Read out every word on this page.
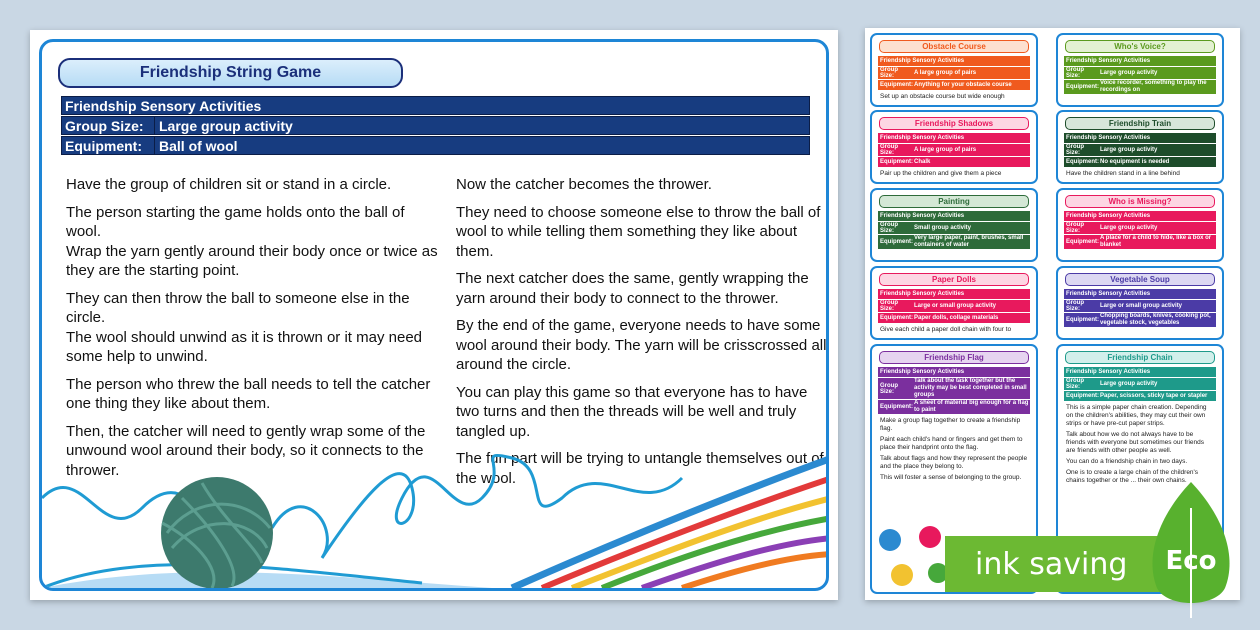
Friendship String Game
Friendship Sensory Activities
Group Size:	Large group activity
Equipment:	Ball of wool

Have the group of children sit or stand in a circle.

The person starting the game holds onto the ball of wool.
Wrap the yarn gently around their body once or twice as they are the starting point.

They can then throw the ball to someone else in the circle.
The wool should unwind as it is thrown or it may need some help to unwind.

The person who threw the ball needs to tell the catcher one thing they like about them.

Then, the catcher will need to gently wrap some of the unwound wool around their body, so it connects to the thrower.

Now the catcher becomes the thrower.

They need to choose someone else to throw the ball of wool to while telling them something they like about them.

The next catcher does the same, gently wrapping the yarn around their body to connect to the thrower.

By the end of the game, everyone needs to have some wool around their body. The yarn will be crisscrossed all around the circle.

You can play this game so that everyone has to have two turns and then the threads will be well and truly tangled up.

The fun part will be trying to untangle themselves out of the wool.

Obstacle Course
Friendship Sensory Activities
Group Size:
A large group of pairs
Equipment: Anything for your obstacle course

Set up an obstacle course but wide enough

Who's Voice?
Friendship Sensory Activities
Group Size:
Large group activity
Equipment:
Voice recorder, something to play the recordings on
Friendship Shadows
Friendship Sensory Activities
Group Size:
A large group of pairs
Equipment: Chalk

Pair up the children and give them a piece

Friendship Train
Friendship Sensory Activities
Group Size:
Large group activity
Equipment: No equipment is needed

Have the children stand in a line behind

Painting
Friendship Sensory Activities
Group Size:
Small group activity
Equipment:
Very large paper, paint, brushes, small containers of water
Who is Missing?
Friendship Sensory Activities
Group Size:
Large group activity
Equipment:
A place for a child to hide, like a box or blanket
Paper Dolls
Friendship Sensory Activities
Group Size:
Large or small group activity
Equipment: Paper dolls, collage materials

Give each child a paper doll chain with four to

Vegetable Soup
Friendship Sensory Activities
Group Size:
Large or small group activity
Equipment:
Chopping boards, knives, cooking pot, vegetable stock, vegetables
Friendship Flag
Friendship Sensory Activities
Group Size:
Talk about the task together but the activity may be best completed in small groups
Equipment:
A sheet of material big enough for a flag to paint

Make a group flag together to create a friendship flag.

Paint each child's hand or fingers and get them to place their handprint onto the flag.

Talk about flags and how they represent the people and the place they belong to.

This will foster a sense of belonging to the group.

Friendship Chain
Friendship Sensory Activities
Group Size:
Large group activity
Equipment: Paper, scissors, sticky tape or stapler

This is a simple paper chain creation. Depending on the children's abilities, they may cut their own strips or have pre-cut paper strips.

Talk about how we do not always have to be friends with everyone but sometimes our friends are friends with other people as well.

You can do a friendship chain in two days.

One is to create a large chain of the children's chains together or the ... their own chains.

ink saving	Eco
